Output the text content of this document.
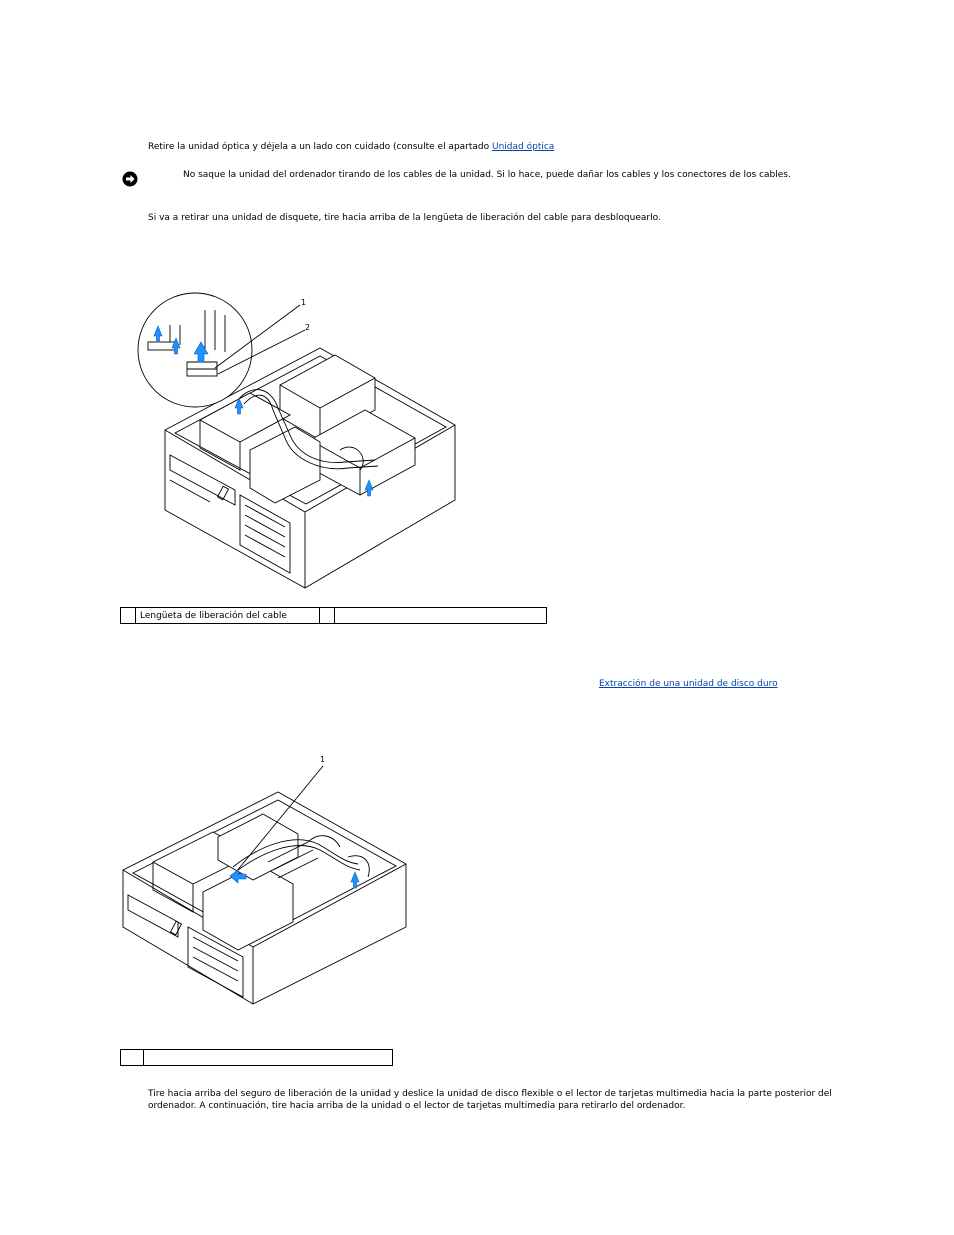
Retire la unidad óptica y déjela a un lado con cuidado (consulte el apartado Unidad óptica
No saque la unidad del ordenador tirando de los cables de la unidad. Si lo hace, puede dañar los cables y los conectores de los cables.
Si va a retirar una unidad de disquete, tire hacia arriba de la lengüeta de liberación del cable para desbloquearlo.
1
2
	Lengüeta de liberación del cable		
Extracción de una unidad de disco duro
1

Tire hacia arriba del seguro de liberación de la unidad y deslice la unidad de disco flexible o el lector de tarjetas multimedia hacia la parte posterior del
ordenador. A continuación, tire hacia arriba de la unidad o el lector de tarjetas multimedia para retirarlo del ordenador.
